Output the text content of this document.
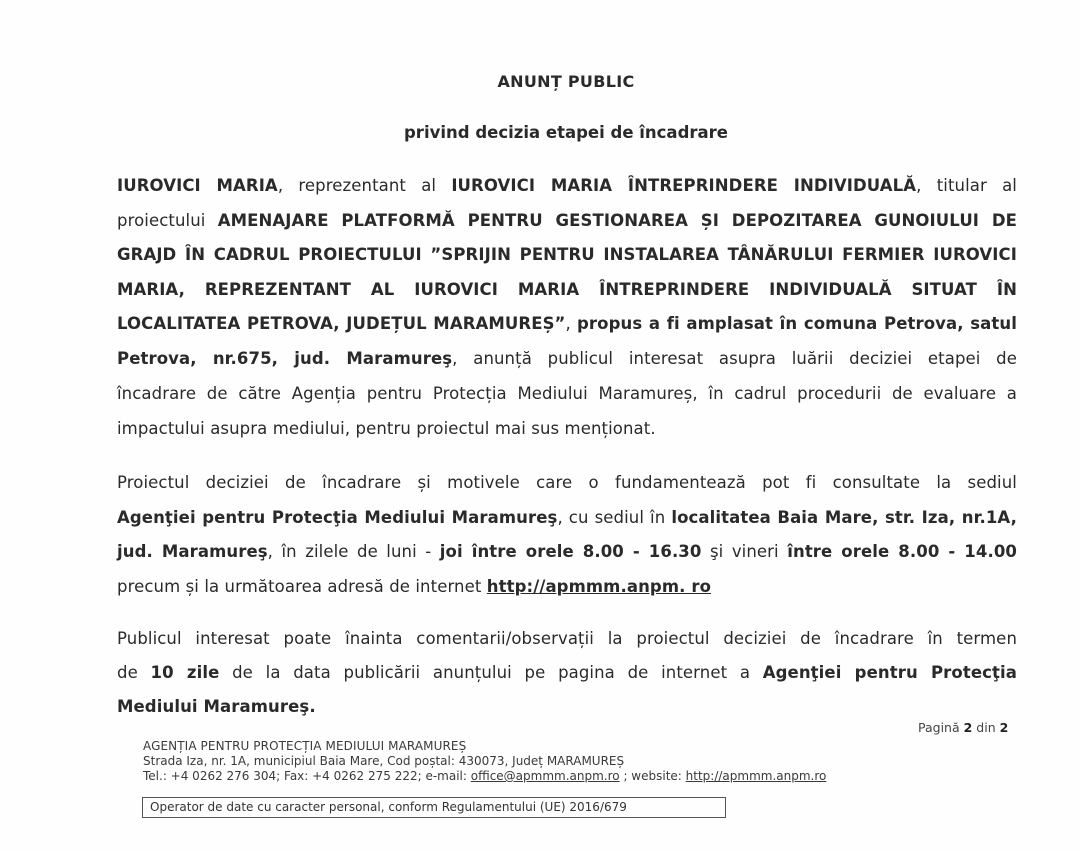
ANUNȚ PUBLIC
privind decizia etapei de încadrare
IUROVICI MARIA, reprezentant al IUROVICI MARIA ÎNTREPRINDERE INDIVIDUALĂ, titular al
proiectului AMENAJARE PLATFORMĂ PENTRU GESTIONAREA ȘI DEPOZITAREA GUNOIULUI DE
GRAJD ÎN CADRUL PROIECTULUI ”SPRIJIN PENTRU INSTALAREA TÂNĂRULUI FERMIER IUROVICI
MARIA, REPREZENTANT AL IUROVICI MARIA ÎNTREPRINDERE INDIVIDUALĂ SITUAT ÎN
LOCALITATEA PETROVA, JUDEȚUL MARAMUREȘ”, propus a fi amplasat în comuna Petrova, satul
Petrova, nr.675, jud. Maramureş, anunță publicul interesat asupra luării deciziei etapei de
încadrare de către Agenția pentru Protecția Mediului Maramureș, în cadrul procedurii de evaluare a
impactului asupra mediului, pentru proiectul mai sus menționat.
Proiectul deciziei de încadrare și motivele care o fundamentează pot fi consultate la sediul
Agenţiei pentru Protecţia Mediului Maramureş, cu sediul în localitatea Baia Mare, str. Iza, nr.1A,
jud. Maramureş, în zilele de luni - joi între orele 8.00 - 16.30 şi vineri între orele 8.00 - 14.00
precum și la următoarea adresă de internet http://apmmm.anpm. ro
Publicul interesat poate înainta comentarii/observații la proiectul deciziei de încadrare în termen
de 10 zile de la data publicării anunțului pe pagina de internet a Agenţiei pentru Protecţia
Mediului Maramureş.
Pagină 2 din 2
AGENȚIA PENTRU PROTECȚIA MEDIULUI MARAMUREȘ
Strada Iza, nr. 1A, municipiul Baia Mare, Cod poștal: 430073, Județ MARAMUREȘ
Tel.: +4 0262 276 304; Fax: +4 0262 275 222; e-mail: office@apmmm.anpm.ro ; website: http://apmmm.anpm.ro
Operator de date cu caracter personal, conform Regulamentului (UE) 2016/679
